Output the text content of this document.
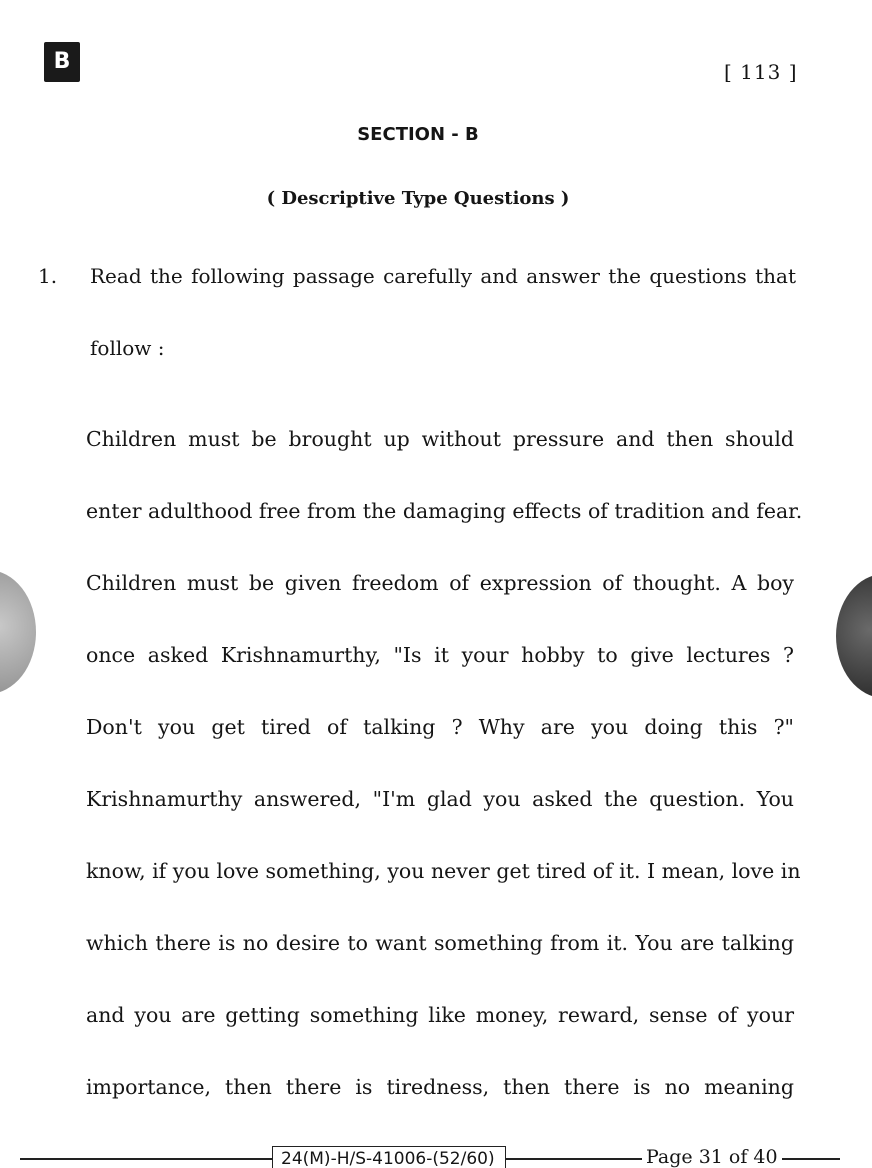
B	[ 113 ]
SECTION - B
( Descriptive Type Questions )
1. Read the following passage carefully and answer the questions that
follow :
Children must be brought up without pressure and then should
enter adulthood free from the damaging effects of tradition and fear.
Children must be given freedom of expression of thought. A boy
once asked Krishnamurthy, "Is it your hobby to give lectures ?
Don't you get tired of talking ? Why are you doing this ?"
Krishnamurthy answered, "I'm glad you asked the question. You
know, if you love something, you never get tired of it. I mean, love in
which there is no desire to want something from it. You are talking
and you are getting something like money, reward, sense of your
importance, then there is tiredness, then there is no meaning
24(M)-H/S-41006-(52/60)	Page 31 of 40
